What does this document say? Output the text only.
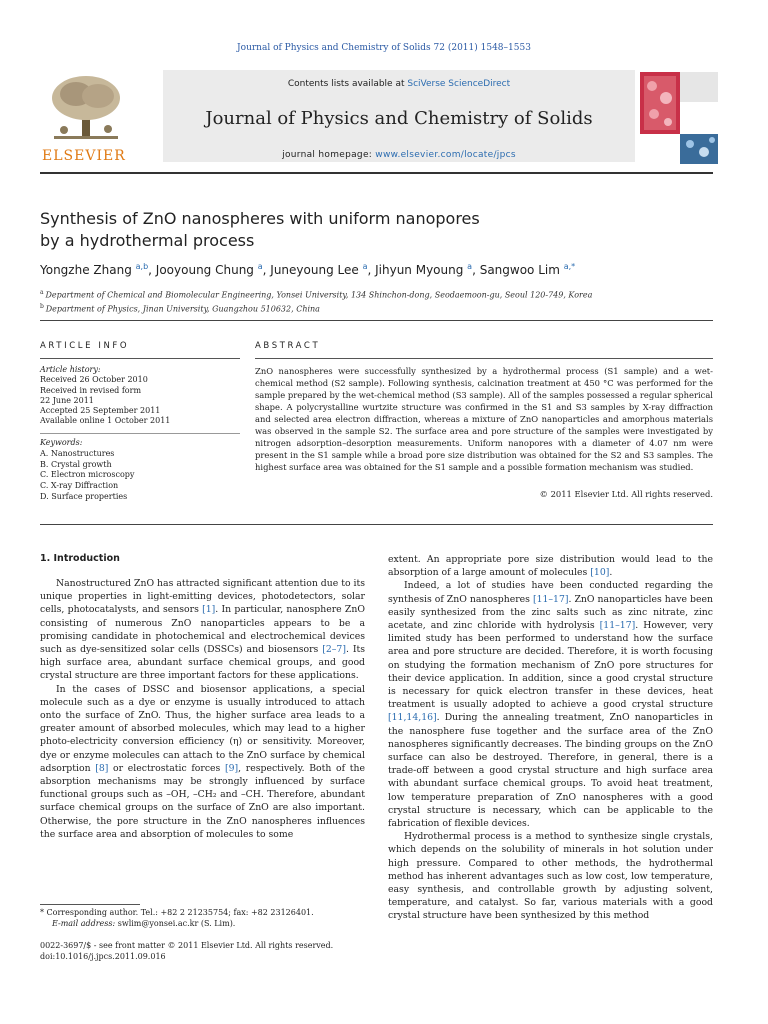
Journal of Physics and Chemistry of Solids 72 (2011) 1548–1553
ELSEVIER
Contents lists available at SciVerse ScienceDirect
Journal of Physics and Chemistry of Solids
journal homepage: www.elsevier.com/locate/jpcs
Synthesis of ZnO nanospheres with uniform nanopores
by a hydrothermal process
Yongzhe Zhang $^{a,b}$, Jooyoung Chung $^a$, Juneyoung Lee $^a$, Jihyun Myoung $^a$, Sangwoo Lim $^{a,*}$
$^a$ Department of Chemical and Biomolecular Engineering, Yonsei University, 134 Shinchon-dong, Seodaemoon-gu, Seoul 120-749, Korea
$^b$ Department of Physics, Jinan University, Guangzhou 510632, China
ARTICLE INFO	ABSTRACT
Article history:
Received 26 October 2010
Received in revised form
22 June 2011
Accepted 25 September 2011
Available online 1 October 2011
Keywords:
A. Nanostructures
B. Crystal growth
C. Electron microscopy
C. X-ray Diffraction
D. Surface properties
ZnO nanospheres were successfully synthesized by a hydrothermal process (S1 sample) and a wet-chemical method (S2 sample). Following synthesis, calcination treatment at 450 °C was performed for the sample prepared by the wet-chemical method (S3 sample). All of the samples possessed a regular spherical shape. A polycrystalline wurtzite structure was confirmed in the S1 and S3 samples by X-ray diffraction and selected area electron diffraction, whereas a mixture of ZnO nanoparticles and amorphous materials was observed in the sample S2. The surface area and pore structure of the samples were investigated by nitrogen adsorption–desorption measurements. Uniform nanopores with a diameter of 4.07 nm were present in the S1 sample while a broad pore size distribution was obtained for the S2 and S3 samples. The highest surface area was obtained for the S1 sample and a possible formation mechanism was studied.
© 2011 Elsevier Ltd. All rights reserved.
1. Introduction

Nanostructured ZnO has attracted significant attention due to its unique properties in light-emitting devices, photodetectors, solar cells, photocatalysts, and sensors [1]. In particular, nanosphere ZnO consisting of numerous ZnO nanoparticles appears to be a promising candidate in photochemical and electrochemical devices such as dye-sensitized solar cells (DSSCs) and biosensors [2–7]. Its high surface area, abundant surface chemical groups, and good crystal structure are three important factors for these applications.

In the cases of DSSC and biosensor applications, a special molecule such as a dye or enzyme is usually introduced to attach onto the surface of ZnO. Thus, the higher surface area leads to a greater amount of absorbed molecules, which may lead to a higher photo-electricity conversion efficiency (η) or sensitivity. Moreover, dye or enzyme molecules can attach to the ZnO surface by chemical adsorption [8] or electrostatic forces [9], respectively. Both of the absorption mechanisms may be strongly influenced by surface functional groups such as –OH, –CH₂ and –CH. Therefore, abundant surface chemical groups on the surface of ZnO are also important. Otherwise, the pore structure in the ZnO nanospheres influences the surface area and absorption of molecules to some

extent. An appropriate pore size distribution would lead to the absorption of a large amount of molecules [10].

Indeed, a lot of studies have been conducted regarding the synthesis of ZnO nanospheres [11–17]. ZnO nanoparticles have been easily synthesized from the zinc salts such as zinc nitrate, zinc acetate, and zinc chloride with hydrolysis [11–17]. However, very limited study has been performed to understand how the surface area and pore structure are decided. Therefore, it is worth focusing on studying the formation mechanism of ZnO pore structures for their device application. In addition, since a good crystal structure is necessary for quick electron transfer in these devices, heat treatment is usually adopted to achieve a good crystal structure [11,14,16]. During the annealing treatment, ZnO nanoparticles in the nanosphere fuse together and the surface area of the ZnO nanospheres significantly decreases. The binding groups on the ZnO surface can also be destroyed. Therefore, in general, there is a trade-off between a good crystal structure and high surface area with abundant surface chemical groups. To avoid heat treatment, low temperature preparation of ZnO nanospheres with a good crystal structure is necessary, which can be applicable to the fabrication of flexible devices.

Hydrothermal process is a method to synthesize single crystals, which depends on the solubility of minerals in hot solution under high pressure. Compared to other methods, the hydrothermal method has inherent advantages such as low cost, low temperature, easy synthesis, and controllable growth by adjusting solvent, temperature, and catalyst. So far, various materials with a good crystal structure have been synthesized by this method

* Corresponding author. Tel.: +82 2 21235754; fax: +82 23126401.
E-mail address: swlim@yonsei.ac.kr (S. Lim).
0022-3697/$ - see front matter © 2011 Elsevier Ltd. All rights reserved.
doi:10.1016/j.jpcs.2011.09.016
